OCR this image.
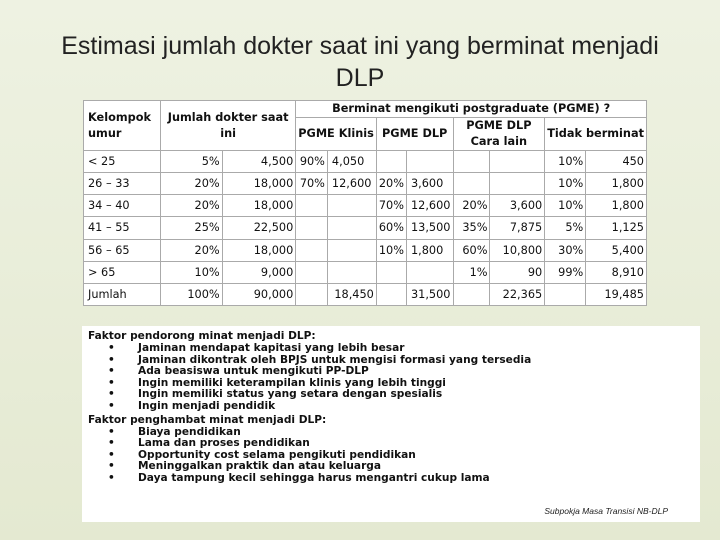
Estimasi jumlah dokter saat ini yang berminat menjadi DLP
Kelompok umur	Jumlah dokter saat ini		Berminat mengikuti postgraduate (PGME) ?							
			PGME Klinis		PGME DLP		PGME DLP Cara lain		Tidak berminat	
< 25	5%	4,500	90%	4,050					10%	450
26 – 33	20%	18,000	70%	12,600	20%	3,600			10%	1,800
34 – 40	20%	18,000			70%	12,600	20%	3,600	10%	1,800
41 – 55	25%	22,500			60%	13,500	35%	7,875	5%	1,125
56 – 65	20%	18,000			10%	1,800	60%	10,800	30%	5,400
> 65	10%	9,000					1%	90	99%	8,910
Jumlah	100%	90,000		18,450		31,500		22,365		19,485
Faktor pendorong minat menjadi DLP:
• Jaminan mendapat kapitasi yang lebih besar
• Jaminan dikontrak oleh BPJS untuk mengisi formasi yang tersedia
• Ada beasiswa untuk mengikuti PP-DLP
• Ingin memiliki keterampilan klinis yang lebih tinggi
• Ingin memiliki status yang setara dengan spesialis
• Ingin menjadi pendidik
Faktor penghambat minat menjadi DLP:
• Biaya pendidikan
• Lama dan proses pendidikan
• Opportunity cost selama pengikuti pendidikan
• Meninggalkan praktik dan atau keluarga
• Daya tampung kecil sehingga harus mengantri cukup lama
Subpokja Masa Transisi NB-DLP
